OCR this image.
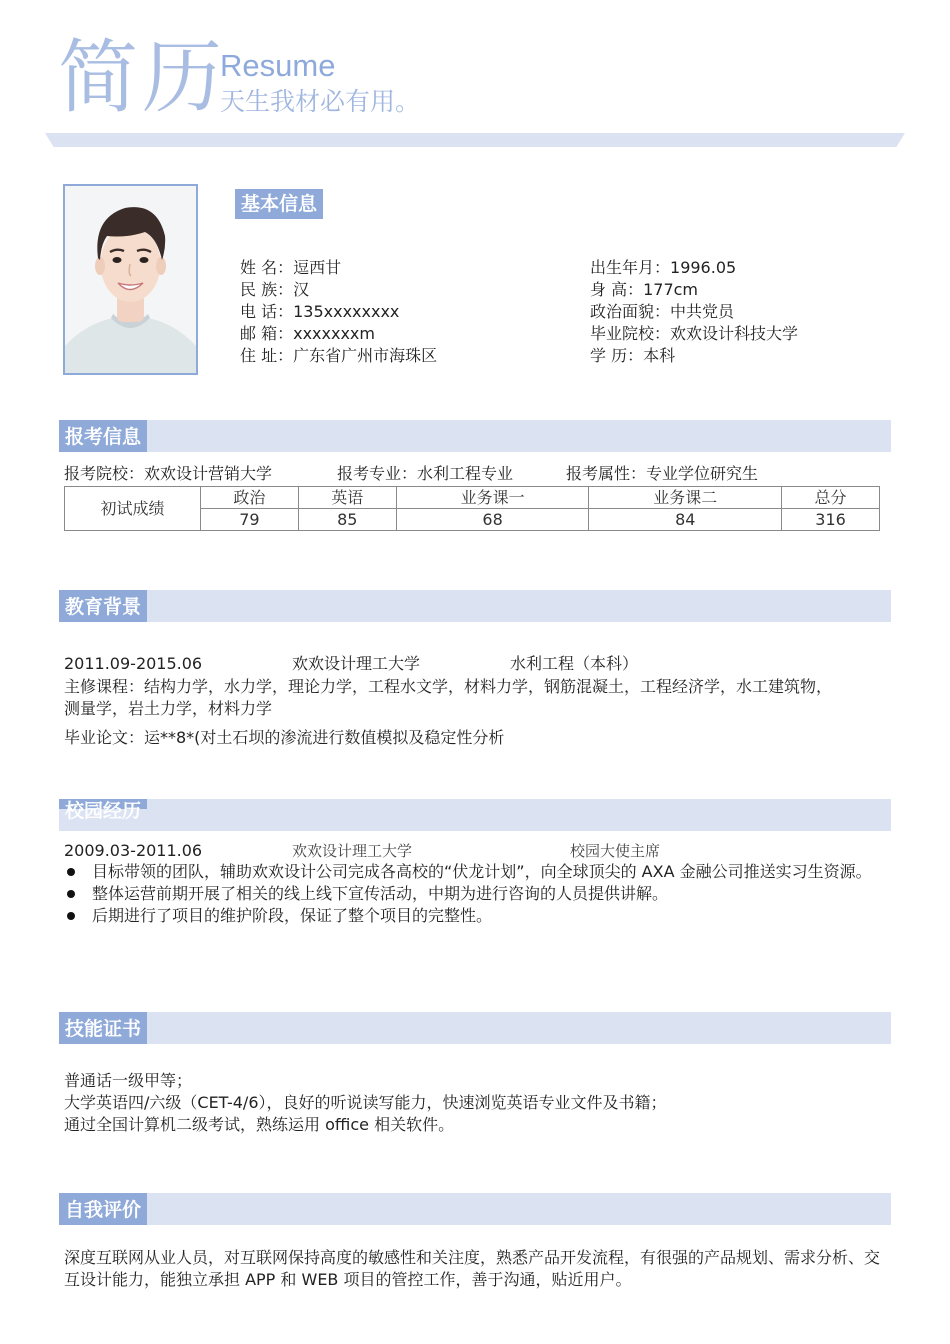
简历
Resume
天生我材必有用。
基本信息
姓 名：逗西甘
民 族：汉
电 话：135xxxxxxxx
邮 箱：xxxxxxxm
住 址：广东省广州市海珠区
出生年月：1996.05
身 高：177cm
政治面貌：中共党员
毕业院校：欢欢设计科技大学
学 历：本科
报考信息
报考院校：欢欢设计营销大学	报考专业：水利工程专业	报考属性：专业学位研究生
初试成绩	政治	英语	业务课一	业务课二	总分
	79	85	68	84	316
教育背景
2011.09-2015.06	欢欢设计理工大学	水利工程（本科）
主修课程：结构力学，水力学，理论力学，工程水文学，材料力学，钢筋混凝土，工程经济学，水工建筑物，
测量学，岩土力学，材料力学
毕业论文：运**8*(对土石坝的渗流进行数值模拟及稳定性分析
校园经历
2009.03-2011.06	欢欢设计理工大学	校园大使主席
目标带领的团队，辅助欢欢设计公司完成各高校的“伏龙计划”，向全球顶尖的 AXA 金融公司推送实习生资源。
整体运营前期开展了相关的线上线下宣传活动，中期为进行咨询的人员提供讲解。
后期进行了项目的维护阶段，保证了整个项目的完整性。
技能证书
普通话一级甲等；
大学英语四/六级（CET-4/6），良好的听说读写能力，快速浏览英语专业文件及书籍；
通过全国计算机二级考试，熟练运用 office 相关软件。
自我评价
深度互联网从业人员，对互联网保持高度的敏感性和关注度，熟悉产品开发流程，有很强的产品规划、需求分析、交
互设计能力，能独立承担 APP 和 WEB 项目的管控工作，善于沟通，贴近用户。
